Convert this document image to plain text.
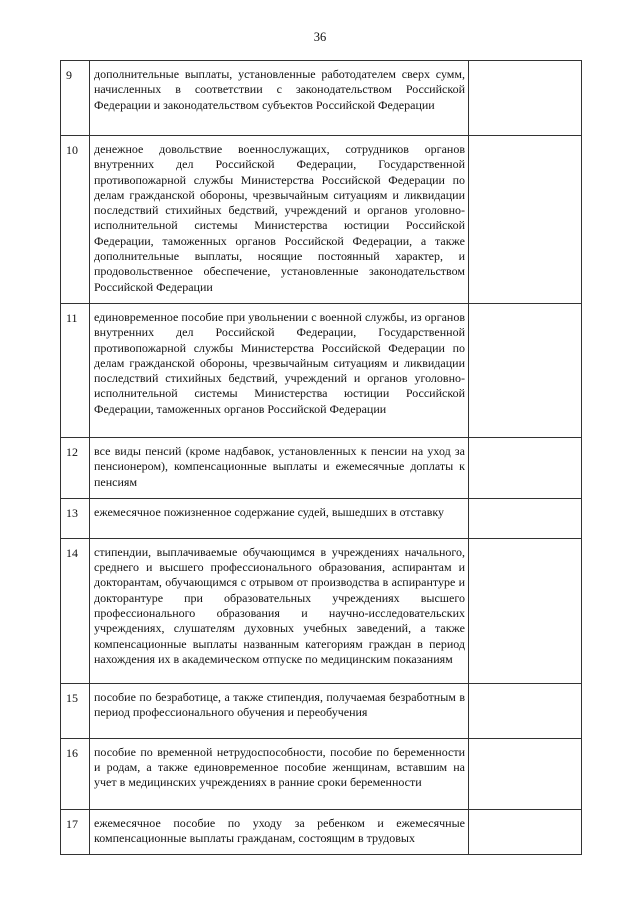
36
9	дополнительные выплаты, установленные работодателем сверх сумм, начисленных в соответствии с законодательством Российской Федерации и законодательством субъектов Российской Федерации	
10	денежное довольствие военнослужащих, сотрудников органов внутренних дел Российской Федерации, Государственной противопожарной службы Министерства Российской Федерации по делам гражданской обороны, чрезвычайным ситуациям и ликвидации последствий стихийных бедствий, учреждений и органов уголовно-исполнительной системы Министерства юстиции Российской Федерации, таможенных органов Российской Федерации, а также дополнительные выплаты, носящие постоянный характер, и продовольственное обеспечение, установленные законодательством Российской Федерации	
11	единовременное пособие при увольнении с военной службы, из органов внутренних дел Российской Федерации, Государственной противопожарной службы Министерства Российской Федерации по делам гражданской обороны, чрезвычайным ситуациям и ликвидации последствий стихийных бедствий, учреждений и органов уголовно-исполнительной системы Министерства юстиции Российской Федерации, таможенных органов Российской Федерации	
12	все виды пенсий (кроме надбавок, установленных к пенсии на уход за пенсионером), компенсационные выплаты и ежемесячные доплаты к пенсиям	
13	ежемесячное пожизненное содержание судей, вышедших в отставку	
14	стипендии, выплачиваемые обучающимся в учреждениях начального, среднего и высшего профессионального образования, аспирантам и докторантам, обучающимся с отрывом от производства в аспирантуре и докторантуре при образовательных учреждениях высшего профессионального образования и научно-исследовательских учреждениях, слушателям духовных учебных заведений, а также компенсационные выплаты названным категориям граждан в период нахождения их в академическом отпуске по медицинским показаниям	
15	пособие по безработице, а также стипендия, получаемая безработным в период профессионального обучения и переобучения	
16	пособие по временной нетрудоспособности, пособие по беременности и родам, а также единовременное пособие женщинам, вставшим на учет в медицинских учреждениях в ранние сроки беременности	
17	ежемесячное пособие по уходу за ребенком и ежемесячные компенсационные выплаты гражданам, состоящим в трудовых	
